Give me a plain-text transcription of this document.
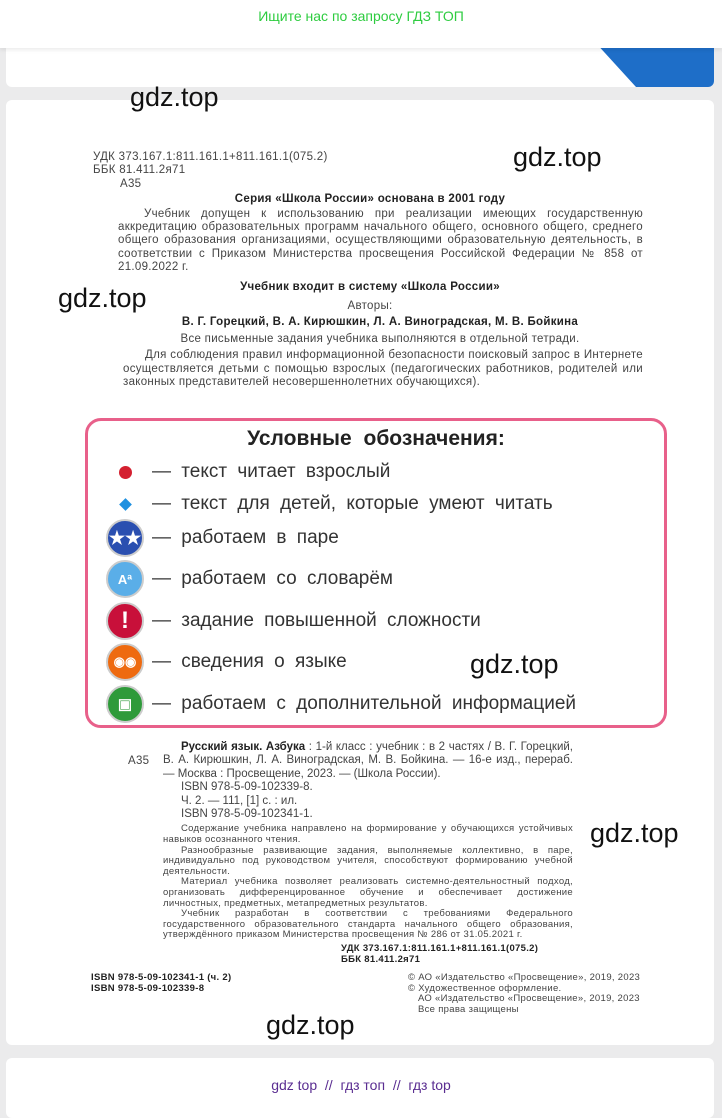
Ищите нас по запросу ГДЗ ТОП
gdz.top
gdz.top
gdz.top
gdz.top
gdz.top
gdz.top
УДК 373.167.1:811.161.1+811.161.1(075.2)
ББК 81.411.2я71
А35
Серия «Школа России» основана в 2001 году
Учебник допущен к использованию при реализации имеющих государственную аккредитацию образовательных программ начального общего, основного общего, среднего общего образования организациями, осуществляющими образовательную деятельность, в соответствии с Приказом Министерства просвещения Российской Федерации № 858 от 21.09.2022 г.
Учебник входит в систему «Школа России»
Авторы:
В. Г. Горецкий, В. А. Кирюшкин, Л. А. Виноградская, М. В. Бойкина
Все письменные задания учебника выполняются в отдельной тетради.
Для соблюдения правил информационной безопасности поисковый запрос в Интернете осуществляется детьми с помощью взрослых (педагогических работников, родителей или законных представителей несовершеннолетних обучающихся).
Условные обозначения:
— текст читает взрослый
— текст для детей, которые умеют читать
★★ — работаем в паре
Aª	— работаем со словарём
!	— задание повышенной сложности
◉◉ — сведения о языке
▣	— работаем с дополнительной информацией
А35
Русский язык. Азбука : 1-й класс : учебник : в 2 частях / В. Г. Горецкий, В. А. Кирюшкин, Л. А. Виноградская, М. В. Бойкина. — 16-е изд., перераб. — Москва : Просвещение, 2023. — (Школа России).
ISBN 978-5-09-102339-8.
Ч. 2. — 111, [1] с. : ил.
ISBN 978-5-09-102341-1.
Содержание учебника направлено на формирование у обучающихся устойчивых навыков осознанного чтения.
Разнообразные развивающие задания, выполняемые коллективно, в паре, индивидуально под руководством учителя, способствуют формированию учебной деятельности.
Материал учебника позволяет реализовать системно-деятельностный подход, организовать дифференцированное обучение и обеспечивает достижение личностных, предметных, метапредметных результатов.
Учебник разработан в соответствии с требованиями Федерального государственного образовательного стандарта начального общего образования, утверждённого приказом Министерства просвещения № 286 от 31.05.2021 г.
УДК 373.167.1:811.161.1+811.161.1(075.2)
ББК 81.411.2я71
ISBN 978-5-09-102341-1 (ч. 2)
ISBN 978-5-09-102339-8
© АО «Издательство «Просвещение», 2019, 2023
© Художественное оформление.
АО «Издательство «Просвещение», 2019, 2023
Все права защищены
gdz top // гдз топ // гдз top
